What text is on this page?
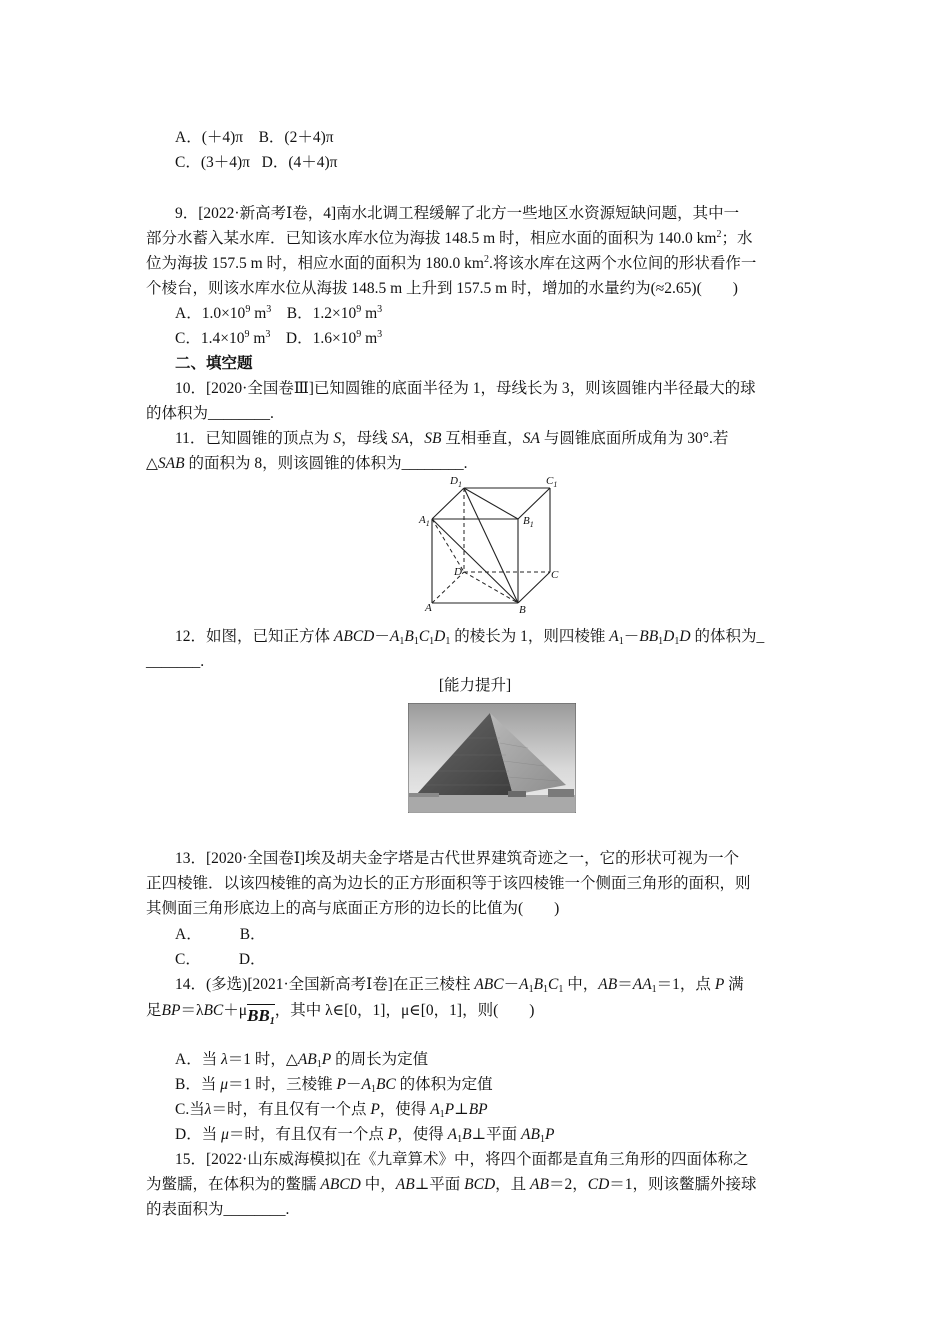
A．(＋4)π B．(2＋4)π
C．(3＋4)π D．(4＋4)π
9．[2022·新高考Ⅰ卷，4]南水北调工程缓解了北方一些地区水资源短缺问题，其中一
部分水蓄入某水库．已知该水库水位为海拔 148.5 m 时，相应水面的面积为 140.0 $km^2$；水
位为海拔 157.5 m 时，相应水面的面积为 180.0 $km^2$.将该水库在这两个水位间的形状看作一
个棱台，则该水库水位从海拔 148.5 m 上升到 157.5 m 时，增加的水量约为(≈2.65)(　　)
A．$1.0\times 10^9$ $m^3$ B．$1.2\times 10^9$ $m^3$
C．$1.4\times 10^9$ $m^3$ D．$1.6\times 10^9$ $m^3$
二、填空题
10．[2020·全国卷Ⅲ]已知圆锥的底面半径为 1，母线长为 3，则该圆锥内半径最大的球
的体积为________.
11．已知圆锥的顶点为 S，母线 SA，SB 互相垂直，SA 与圆锥底面所成角为 30°.若
△SAB 的面积为 8，则该圆锥的体积为________.
$D_1$	$C_1$
$A_1$	$B_1$
D	C
A	B
12．如图，已知正方体 $ABCD-A_1B_1C_1D_1$ 的棱长为 1，则四棱锥 $A_1-BB_1D_1D$ 的体积为_
_______.
[能力提升]
13．[2020·全国卷Ⅰ]埃及胡夫金字塔是古代世界建筑奇迹之一，它的形状可视为一个
正四棱锥．以该四棱锥的高为边长的正方形面积等于该四棱锥一个侧面三角形的面积，则
其侧面三角形底边上的高与底面正方形的边长的比值为(　　)
A． B．
C． D．
14．(多选)[2021·全国新高考Ⅰ卷]在正三棱柱 $ABC-A_1B_1C_1$ 中，$AB=AA_1=1$，点 P 满
足BP＝λBC＋μBB$_1$，其中 λ∈[0，1]，μ∈[0，1]，则(　　)
A．当 λ＝1 时，$\triangle AB_1P$ 的周长为定值
B．当 μ＝1 时，三棱锥 $P-A_1BC$ 的体积为定值
C.当λ＝时，有且仅有一个点 P，使得 $A_1P\perp BP$
D．当 μ＝时，有且仅有一个点 P，使得 $A_1B\perp$平面 $AB_1P$
15．[2022·山东威海模拟]在《九章算术》中，将四个面都是直角三角形的四面体称之
为鳖臑，在体积为的鳖臑 ABCD 中，AB⊥平面 BCD，且 AB＝2，CD＝1，则该鳖臑外接球
的表面积为________.
